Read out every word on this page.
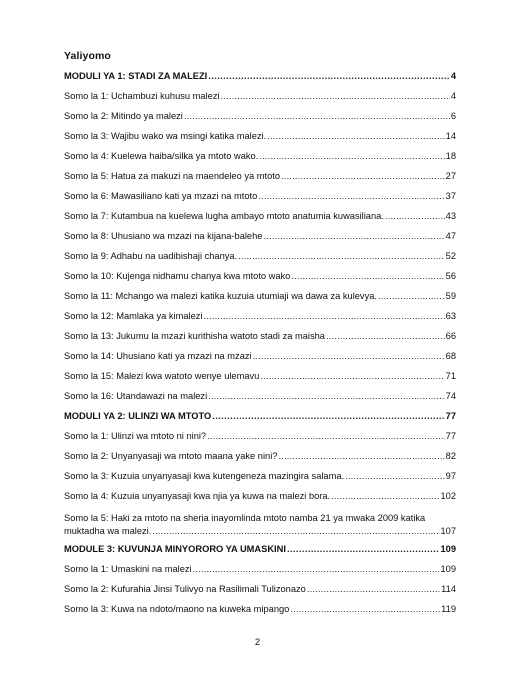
Yaliyomo
MODULI YA 1: STADI ZA MALEZI .....	4
Somo la 1: Uchambuzi kuhusu malezi .....	4
Somo la 2: Mitindo ya malezi .....	6
Somo la 3: Wajibu wako wa msingi katika malezi. .....	14
Somo la 4: Kuelewa haiba/silka ya mtoto wako. .....	18
Somo la 5: Hatua za makuzi na maendeleo ya mtoto .....	27
Somo la 6: Mawasiliano kati ya mzazi na mtoto .....	37
Somo la 7: Kutambua na kuelewa lugha ambayo mtoto anatumia kuwasiliana. .....	43
Somo la 8: Uhusiano wa mzazi na kijana-balehe .....	47
Somo la 9: Adhabu na uadibishaji chanya. .....	52
Somo la 10: Kujenga nidhamu chanya kwa mtoto wako .....	56
Somo la 11: Mchango wa malezi katika kuzuia utumiaji wa dawa za kulevya. .....	59
Somo la 12: Mamlaka ya kimalezi .....	63
Somo la 13: Jukumu la mzazi kurithisha watoto stadi za maisha .....	66
Somo la 14: Uhusiano kati ya mzazi na mzazi .....	68
Somo la 15: Malezi kwa watoto wenye ulemavu .....	71
Somo la 16: Utandawazi na malezi .....	74
MODULI YA 2: ULINZI WA MTOTO .....	77
Somo la 1: Ulinzi wa mtoto ni nini? .....	77
Somo la 2: Unyanyasaji wa mtoto maana yake nini? .....	82
Somo la 3: Kuzuia unyanyasaji kwa kutengeneza mazingira salama. .....	97
Somo la 4: Kuzuia unyanyasaji kwa njia ya kuwa na malezi bora. .....	102
Somo la 5: Haki za mtoto na sheria inayomlinda mtoto namba 21 ya mwaka 2009 katika
muktadha wa malezi. .....	107
MODULE 3: KUVUNJA MINYORORO YA UMASKINI .....	109
Somo la 1: Umaskini na malezi .....	109
Somo la 2: Kufurahia Jinsi Tulivyo na Rasilimali Tulizonazo .....	114
Somo la 3: Kuwa na ndoto/maono na kuweka mipango .....	119
2
